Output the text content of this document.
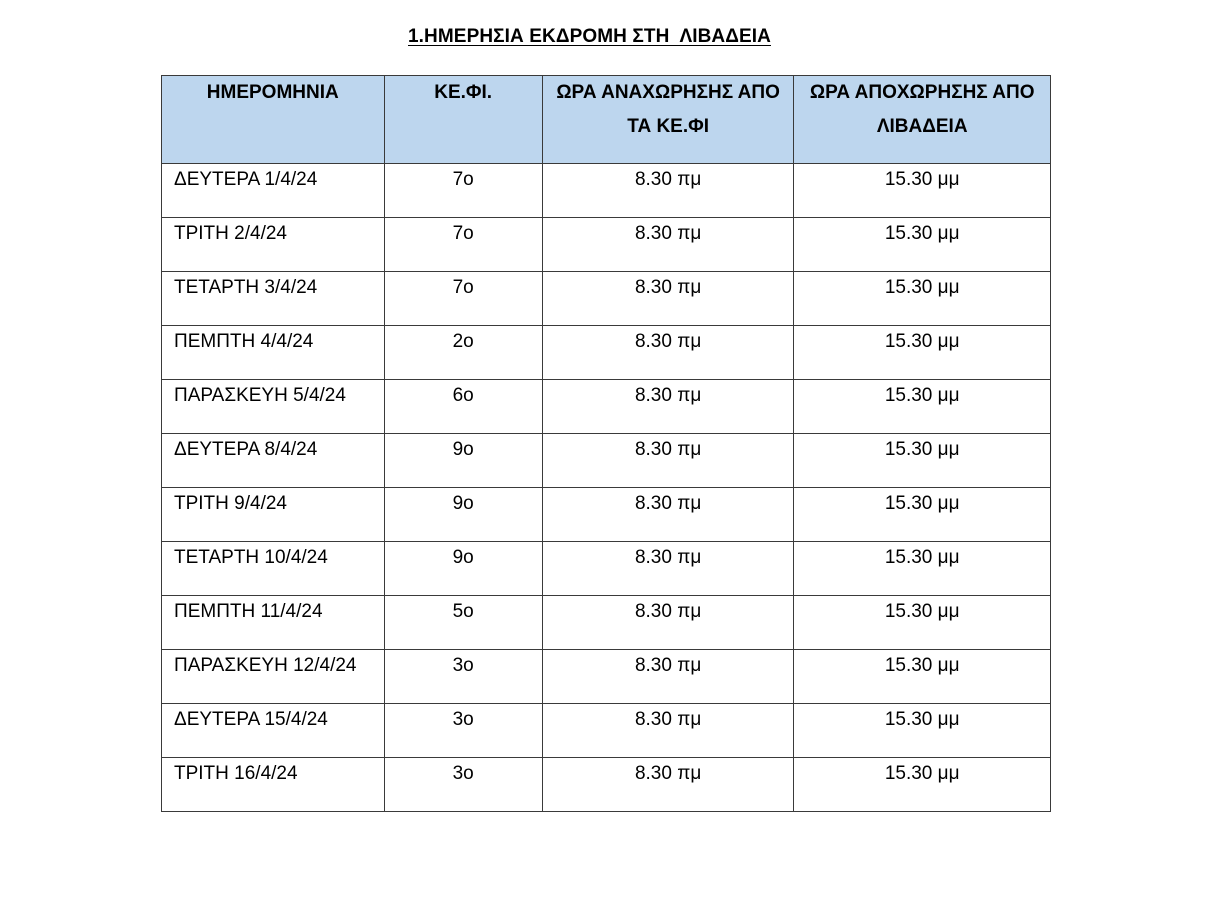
1.ΗΜΕΡΗΣΙΑ ΕΚΔΡΟΜΗ ΣΤΗ  ΛΙΒΑΔΕΙΑ
ΗΜΕΡΟΜΗΝΙΑ	ΚΕ.ΦΙ.	ΩΡΑ ΑΝΑΧΩΡΗΣΗΣ ΑΠΟ ΤΑ ΚΕ.ΦΙ	ΩΡΑ ΑΠΟΧΩΡΗΣΗΣ ΑΠΟ ΛΙΒΑΔΕΙΑ
ΔΕΥΤΕΡΑ 1/4/24	7ο	8.30 πμ	15.30 μμ
ΤΡΙΤΗ 2/4/24	7ο	8.30 πμ	15.30 μμ
ΤΕΤΑΡΤΗ 3/4/24	7ο	8.30 πμ	15.30 μμ
ΠΕΜΠΤΗ 4/4/24	2ο	8.30 πμ	15.30 μμ
ΠΑΡΑΣΚΕΥΗ 5/4/24	6ο	8.30 πμ	15.30 μμ
ΔΕΥΤΕΡΑ 8/4/24	9ο	8.30 πμ	15.30 μμ
ΤΡΙΤΗ 9/4/24	9ο	8.30 πμ	15.30 μμ
ΤΕΤΑΡΤΗ 10/4/24	9ο	8.30 πμ	15.30 μμ
ΠΕΜΠΤΗ 11/4/24	5ο	8.30 πμ	15.30 μμ
ΠΑΡΑΣΚΕΥΗ 12/4/24	3ο	8.30 πμ	15.30 μμ
ΔΕΥΤΕΡΑ 15/4/24	3ο	8.30 πμ	15.30 μμ
ΤΡΙΤΗ 16/4/24	3ο	8.30 πμ	15.30 μμ
